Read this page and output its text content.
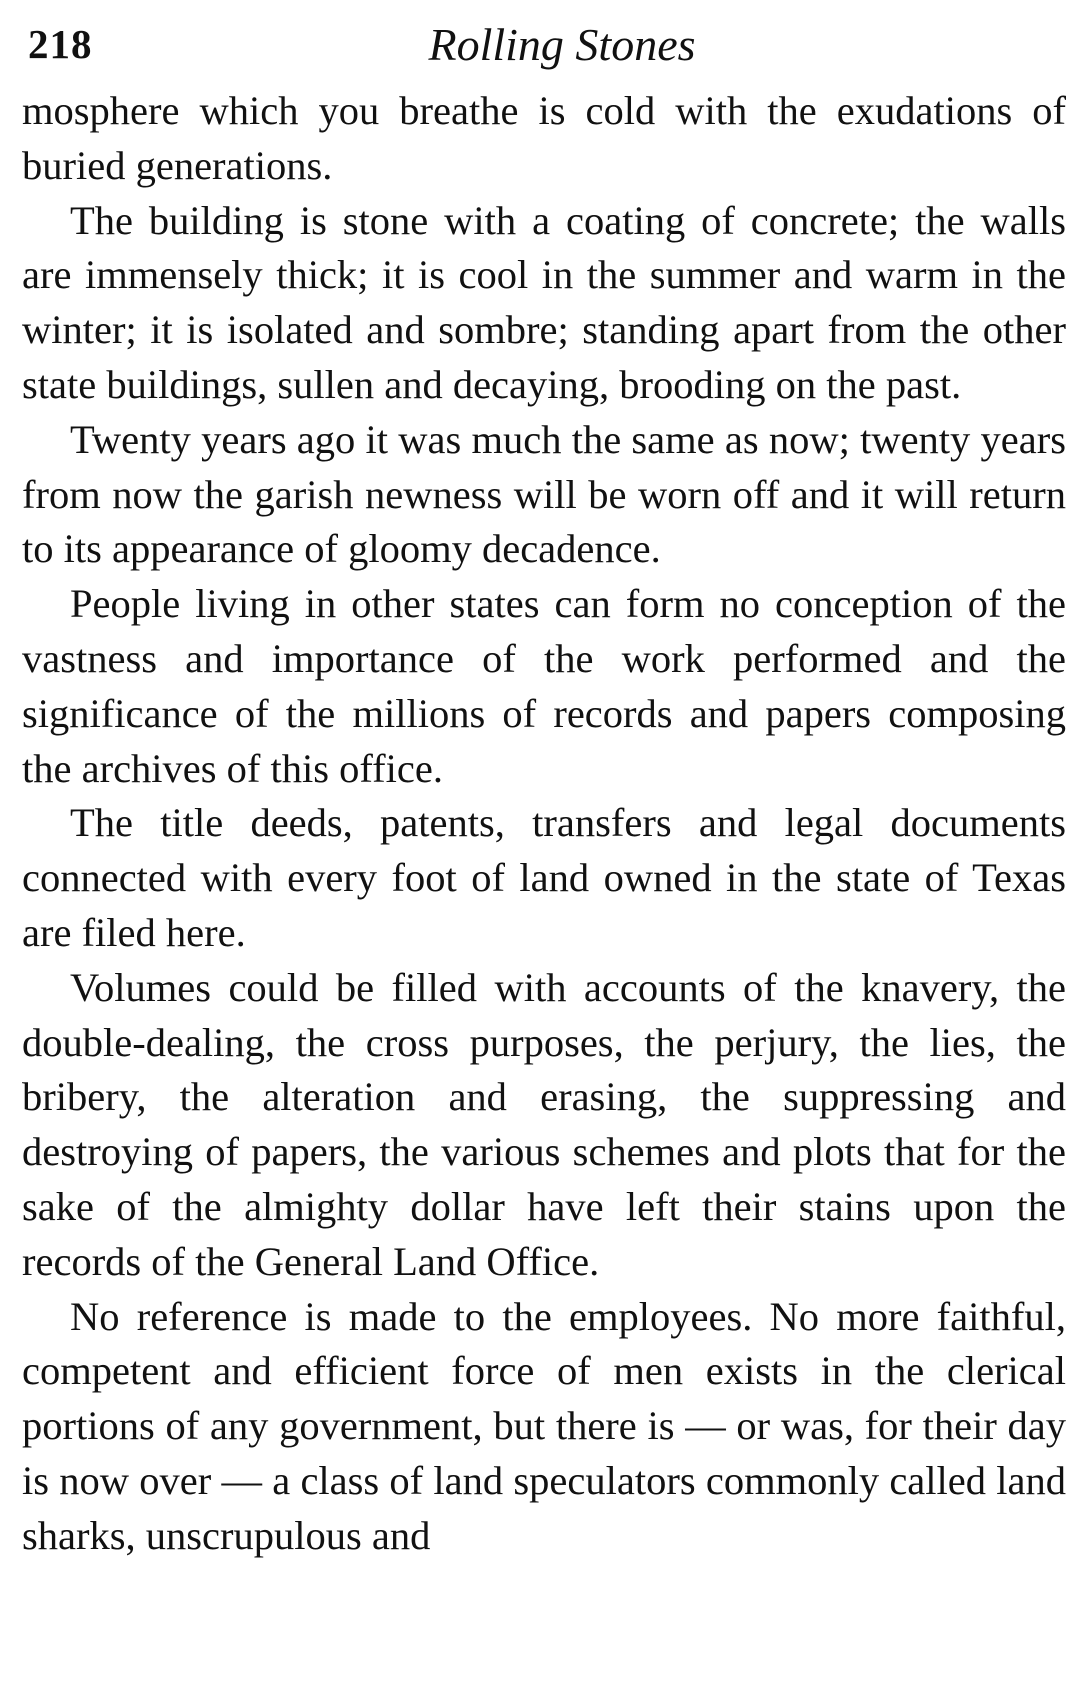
218	Rolling Stones

mosphere which you breathe is cold with the exudations of buried generations.

The building is stone with a coating of concrete; the walls are immensely thick; it is cool in the summer and warm in the winter; it is isolated and sombre; standing apart from the other state buildings, sullen and decaying, brooding on the past.

Twenty years ago it was much the same as now; twenty years from now the garish newness will be worn off and it will return to its appearance of gloomy decadence.

People living in other states can form no conception of the vastness and importance of the work performed and the significance of the millions of records and papers composing the archives of this office.

The title deeds, patents, transfers and legal documents connected with every foot of land owned in the state of Texas are filed here.

Volumes could be filled with accounts of the knavery, the double-dealing, the cross purposes, the perjury, the lies, the bribery, the alteration and erasing, the suppressing and destroying of papers, the various schemes and plots that for the sake of the almighty dollar have left their stains upon the records of the General Land Office.

No reference is made to the employees. No more faithful, competent and efficient force of men exists in the clerical portions of any government, but there is — or was, for their day is now over — a class of land speculators commonly called land sharks, unscrupulous and
